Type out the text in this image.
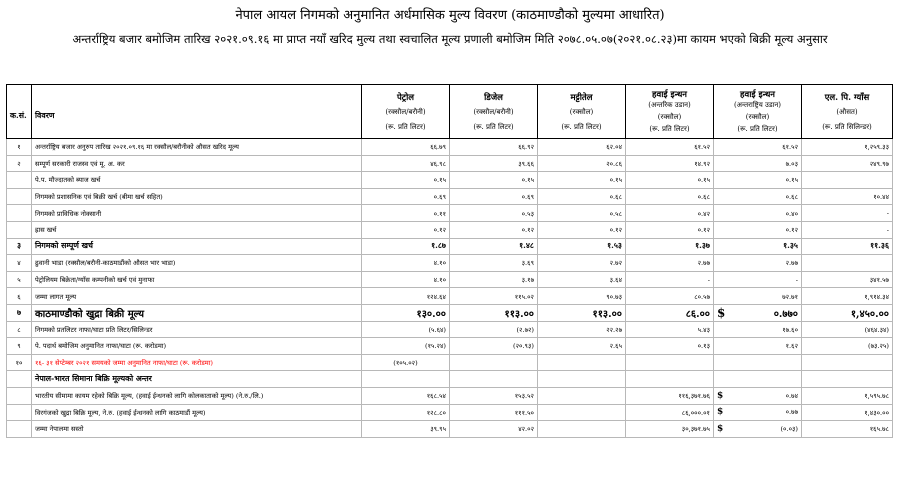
नेपाल आयल निगमको अनुमानित अर्धमासिक मुल्य विवरण (काठमाण्डौको मुल्यमा आधारित)
अन्तर्राष्ट्रिय बजार बमोजिम तारिख २०२१.०९.१६ मा प्राप्त नयाँ खरिद मुल्य तथा स्वचालित मूल्य प्रणाली बमोजिम मिति २०७८.०५.०७(२०२१.०८.२३)मा कायम भएको बिक्री मूल्य अनुसार
क.सं.	विवरण	पेट्रोल
(रक्सौल/बरौनी)
(रू. प्रति लिटर)	डिजेल
(रक्सौल/बरौनी)
(रू. प्रति लिटर)	मट्टीतेल
(रक्सौल)
(रू. प्रति लिटर)	हवाई इन्धन
(अन्तरिक उडान)
(रक्सौल)
(रू. प्रति लिटर)	हवाई इन्धन
(अन्तराष्ट्रिय उडान)
(रक्सौल)
(रू. प्रति लिटर)	एल. पि. ग्याँस
(औसत)
(रू. प्रति सिलिन्डर)

१	अन्तर्राष्ट्रिय बजार अनुरुप तारिख २०२१.०९.१६ मा रक्सौल/बरौनीको औसत खरिद मूल्य	६६.७९	६६.९२	६२.०४	६१.५२	६१.५२	१,२५९.३३
२	सम्पूर्ण सरकारी राजस्व एवं मू. अ. कर	४६.९८	३९.६६	२०.८६	१४.९२	७.०३	२४९.९७
	पे.प. मौज्दातको ब्याज खर्च	०.१५	०.१५	०.१५	०.१५	०.१५	
	निगमको प्रशासनिक एवं बिक्री खर्च (बीमा खर्च सहित)	०.६९	०.६९	०.६८	०.६८	०.६८	१०.४४
	निगमको प्राविधिक नोक्सानी	०.११	०.५३	०.५८	०.४२	०.४०	-
	ह्रास खर्च	०.१२	०.१२	०.१२	०.१२	०.१२	-
३	निगमको सम्पूर्ण खर्च	१.८७	१.४८	१.५३	१.३७	१.३५	११.३६
४	ढुवानी भाडा (रक्सौल/बरौनी-काठमाडौंको औसत भार भाडा)	४.१०	३.६९	२.७२	२.७७	२.७७	
५	पेट्रोलियम बिक्रेता/ग्याँस कम्पनीको खर्च एवं मुनाफा	४.१०	३.१७	३.६४	-	-	३४१.५७
६	जम्मा लागत मूल्य	१२४.६४	११५.०२	९०.७३	८०.५७	७२.७१	१,९१४.३४
७	काठमाण्डौको खुद्रा बिक्री मूल्य	१३०.००	११३.००	११३.००	८६.००	$ ०.७७०	१,४५०.००
८	निगमको प्रतलिटर नाफा/घाटा प्रति लिटर/सिलिन्डर	(५.६४)	(२.७२)	२२.२७	५.४३	१७.६०	(४६४.३४)
९	पे. पदार्थ बमोजिम अनुमानित नाफा/घाटा (रू. करोडमा)	(१५.२४)	(२०.९३)	२.६५	०.१३	१.६२	(७३.२५)
१०	१६- ३१ सेप्टेम्बर २०२१ समयको जम्मा अनुमानित नाफा/घाटा (रू. करोडमा)	(१०५.०२)					
	नेपाल-भारत सिमाना बिक्रि मूल्यको अन्तर						
	भारतीय सीमामा कायम रहेको बिक्रि मूल्य, (हवाई ईन्धनको लागि कोलकाताको मूल्य) (ने.रु./लि.)	१६८.५४	१५३.५२		११६,३७१.७६	$ ०.७४	१,५९५.७८
	विरगंजको खुद्रा बिक्रि मूल्य, ने.रु. (हवाई ईन्धनको लागि काठमाडौं मूल्य)	१२८.८०	१११.५०		८६,०००.०१	$ ०.७७	१,४३०.००
	जम्मा नेपालमा सस्तो	३९.९५	४२.०२		३०,३७१.७५	$ (०.०३)	१६५.७८
